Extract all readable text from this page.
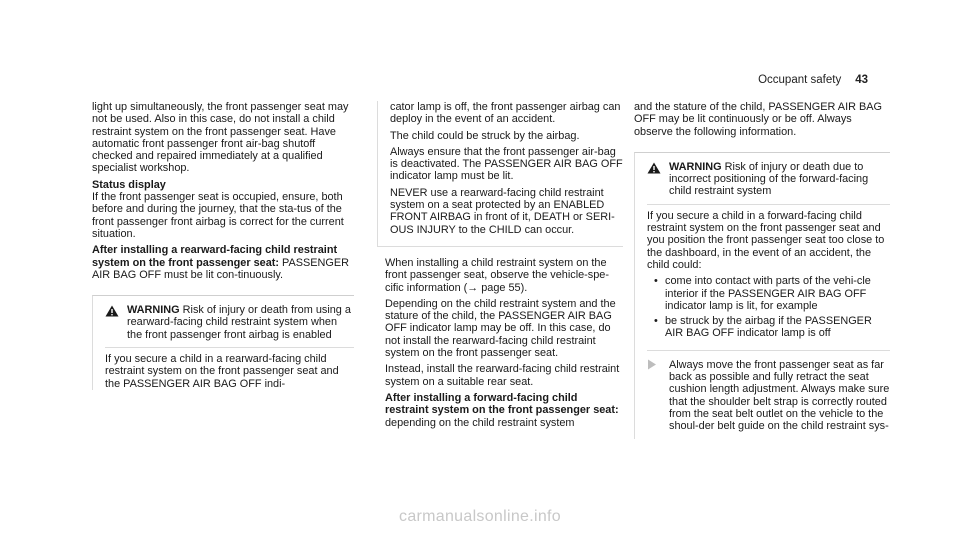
Occupant safety 43

light up simultaneously, the front passenger seat may not be used. Also in this case, do not install a child restraint system on the front passenger seat. Have automatic front passenger front air-bag shutoff checked and repaired immediately at a qualified specialist workshop.

Status display

If the front passenger seat is occupied, ensure, both before and during the journey, that the sta-tus of the front passenger front airbag is correct for the current situation.

After installing a rearward-facing child restraint system on the front passenger seat: PASSENGER AIR BAG OFF must be lit con-tinuously.

WARNING Risk of injury or death from using a rearward-facing child restraint system when the front passenger front airbag is enabled

If you secure a child in a rearward-facing child restraint system on the front passenger seat and the PASSENGER AIR BAG OFF indi-

cator lamp is off, the front passenger airbag can deploy in the event of an accident.

The child could be struck by the airbag.

Always ensure that the front passenger air-bag is deactivated. The PASSENGER AIR BAG OFF indicator lamp must be lit.

NEVER use a rearward-facing child restraint system on a seat protected by an ENABLED FRONT AIRBAG in front of it, DEATH or SERI-OUS INJURY to the CHILD can occur.

When installing a child restraint system on the front passenger seat, observe the vehicle-spe-cific information (→ page 55).

Depending on the child restraint system and the stature of the child, the PASSENGER AIR BAG OFF indicator lamp may be off. In this case, do not install the rearward-facing child restraint system on the front passenger seat.

Instead, install the rearward-facing child restraint system on a suitable rear seat.

After installing a forward-facing child restraint system on the front passenger seat: depending on the child restraint system

and the stature of the child, PASSENGER AIR BAG OFF may be lit continuously or be off. Always observe the following information.

WARNING Risk of injury or death due to incorrect positioning of the forward-facing child restraint system

If you secure a child in a forward-facing child restraint system on the front passenger seat and you position the front passenger seat too close to the dashboard, in the event of an accident, the child could:

• come into contact with parts of the vehi-cle interior if the PASSENGER AIR BAG OFF indicator lamp is lit, for example
• be struck by the airbag if the PASSENGER AIR BAG OFF indicator lamp is off
Always move the front passenger seat as far back as possible and fully retract the seat cushion length adjustment. Always make sure that the shoulder belt strap is correctly routed from the seat belt outlet on the vehicle to the shoul-der belt guide on the child restraint sys-
carmanualsonline.info
